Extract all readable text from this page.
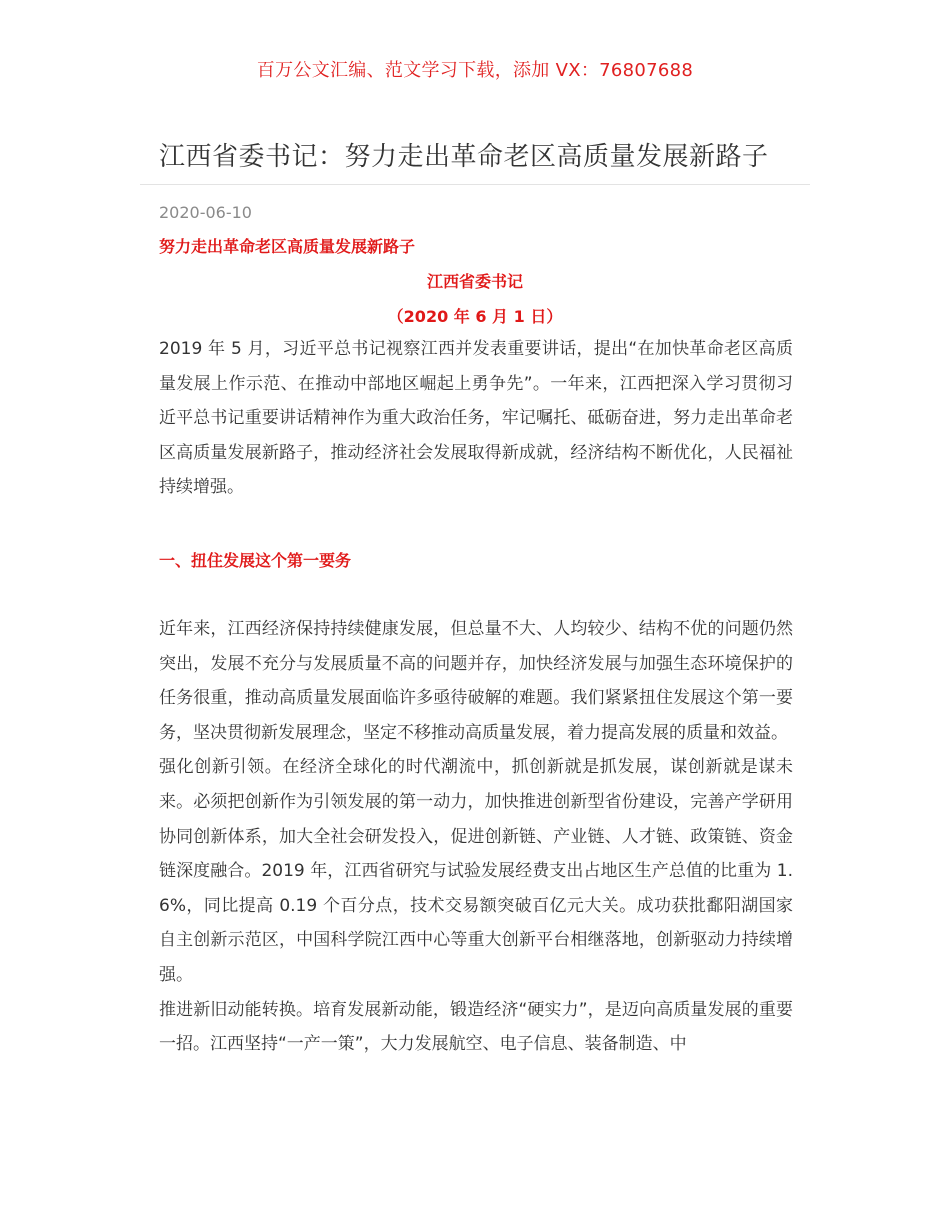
百万公文汇编、范文学习下载，添加 VX：76807688
江西省委书记：努力走出革命老区高质量发展新路子
2020-06-10
努力走出革命老区高质量发展新路子
江西省委书记
（2020 年 6 月 1 日）
2019 年 5 月，习近平总书记视察江西并发表重要讲话，提出“在加快革命老区高质量发展上作示范、在推动中部地区崛起上勇争先”。一年来，江西把深入学习贯彻习近平总书记重要讲话精神作为重大政治任务，牢记嘱托、砥砺奋进，努力走出革命老区高质量发展新路子，推动经济社会发展取得新成就，经济结构不断优化，人民福祉持续增强。
一、扭住发展这个第一要务

近年来，江西经济保持持续健康发展，但总量不大、人均较少、结构不优的问题仍然突出，发展不充分与发展质量不高的问题并存，加快经济发展与加强生态环境保护的任务很重，推动高质量发展面临许多亟待破解的难题。我们紧紧扭住发展这个第一要务，坚决贯彻新发展理念，坚定不移推动高质量发展，着力提高发展的质量和效益。

强化创新引领。在经济全球化的时代潮流中，抓创新就是抓发展，谋创新就是谋未来。必须把创新作为引领发展的第一动力，加快推进创新型省份建设，完善产学研用协同创新体系，加大全社会研发投入，促进创新链、产业链、人才链、政策链、资金链深度融合。2019 年，江西省研究与试验发展经费支出占地区生产总值的比重为 1.6%，同比提高 0.19 个百分点，技术交易额突破百亿元大关。成功获批鄱阳湖国家自主创新示范区，中国科学院江西中心等重大创新平台相继落地，创新驱动力持续增强。

推进新旧动能转换。培育发展新动能，锻造经济“硬实力”，是迈向高质量发展的重要一招。江西坚持“一产一策”，大力发展航空、电子信息、装备制造、中
